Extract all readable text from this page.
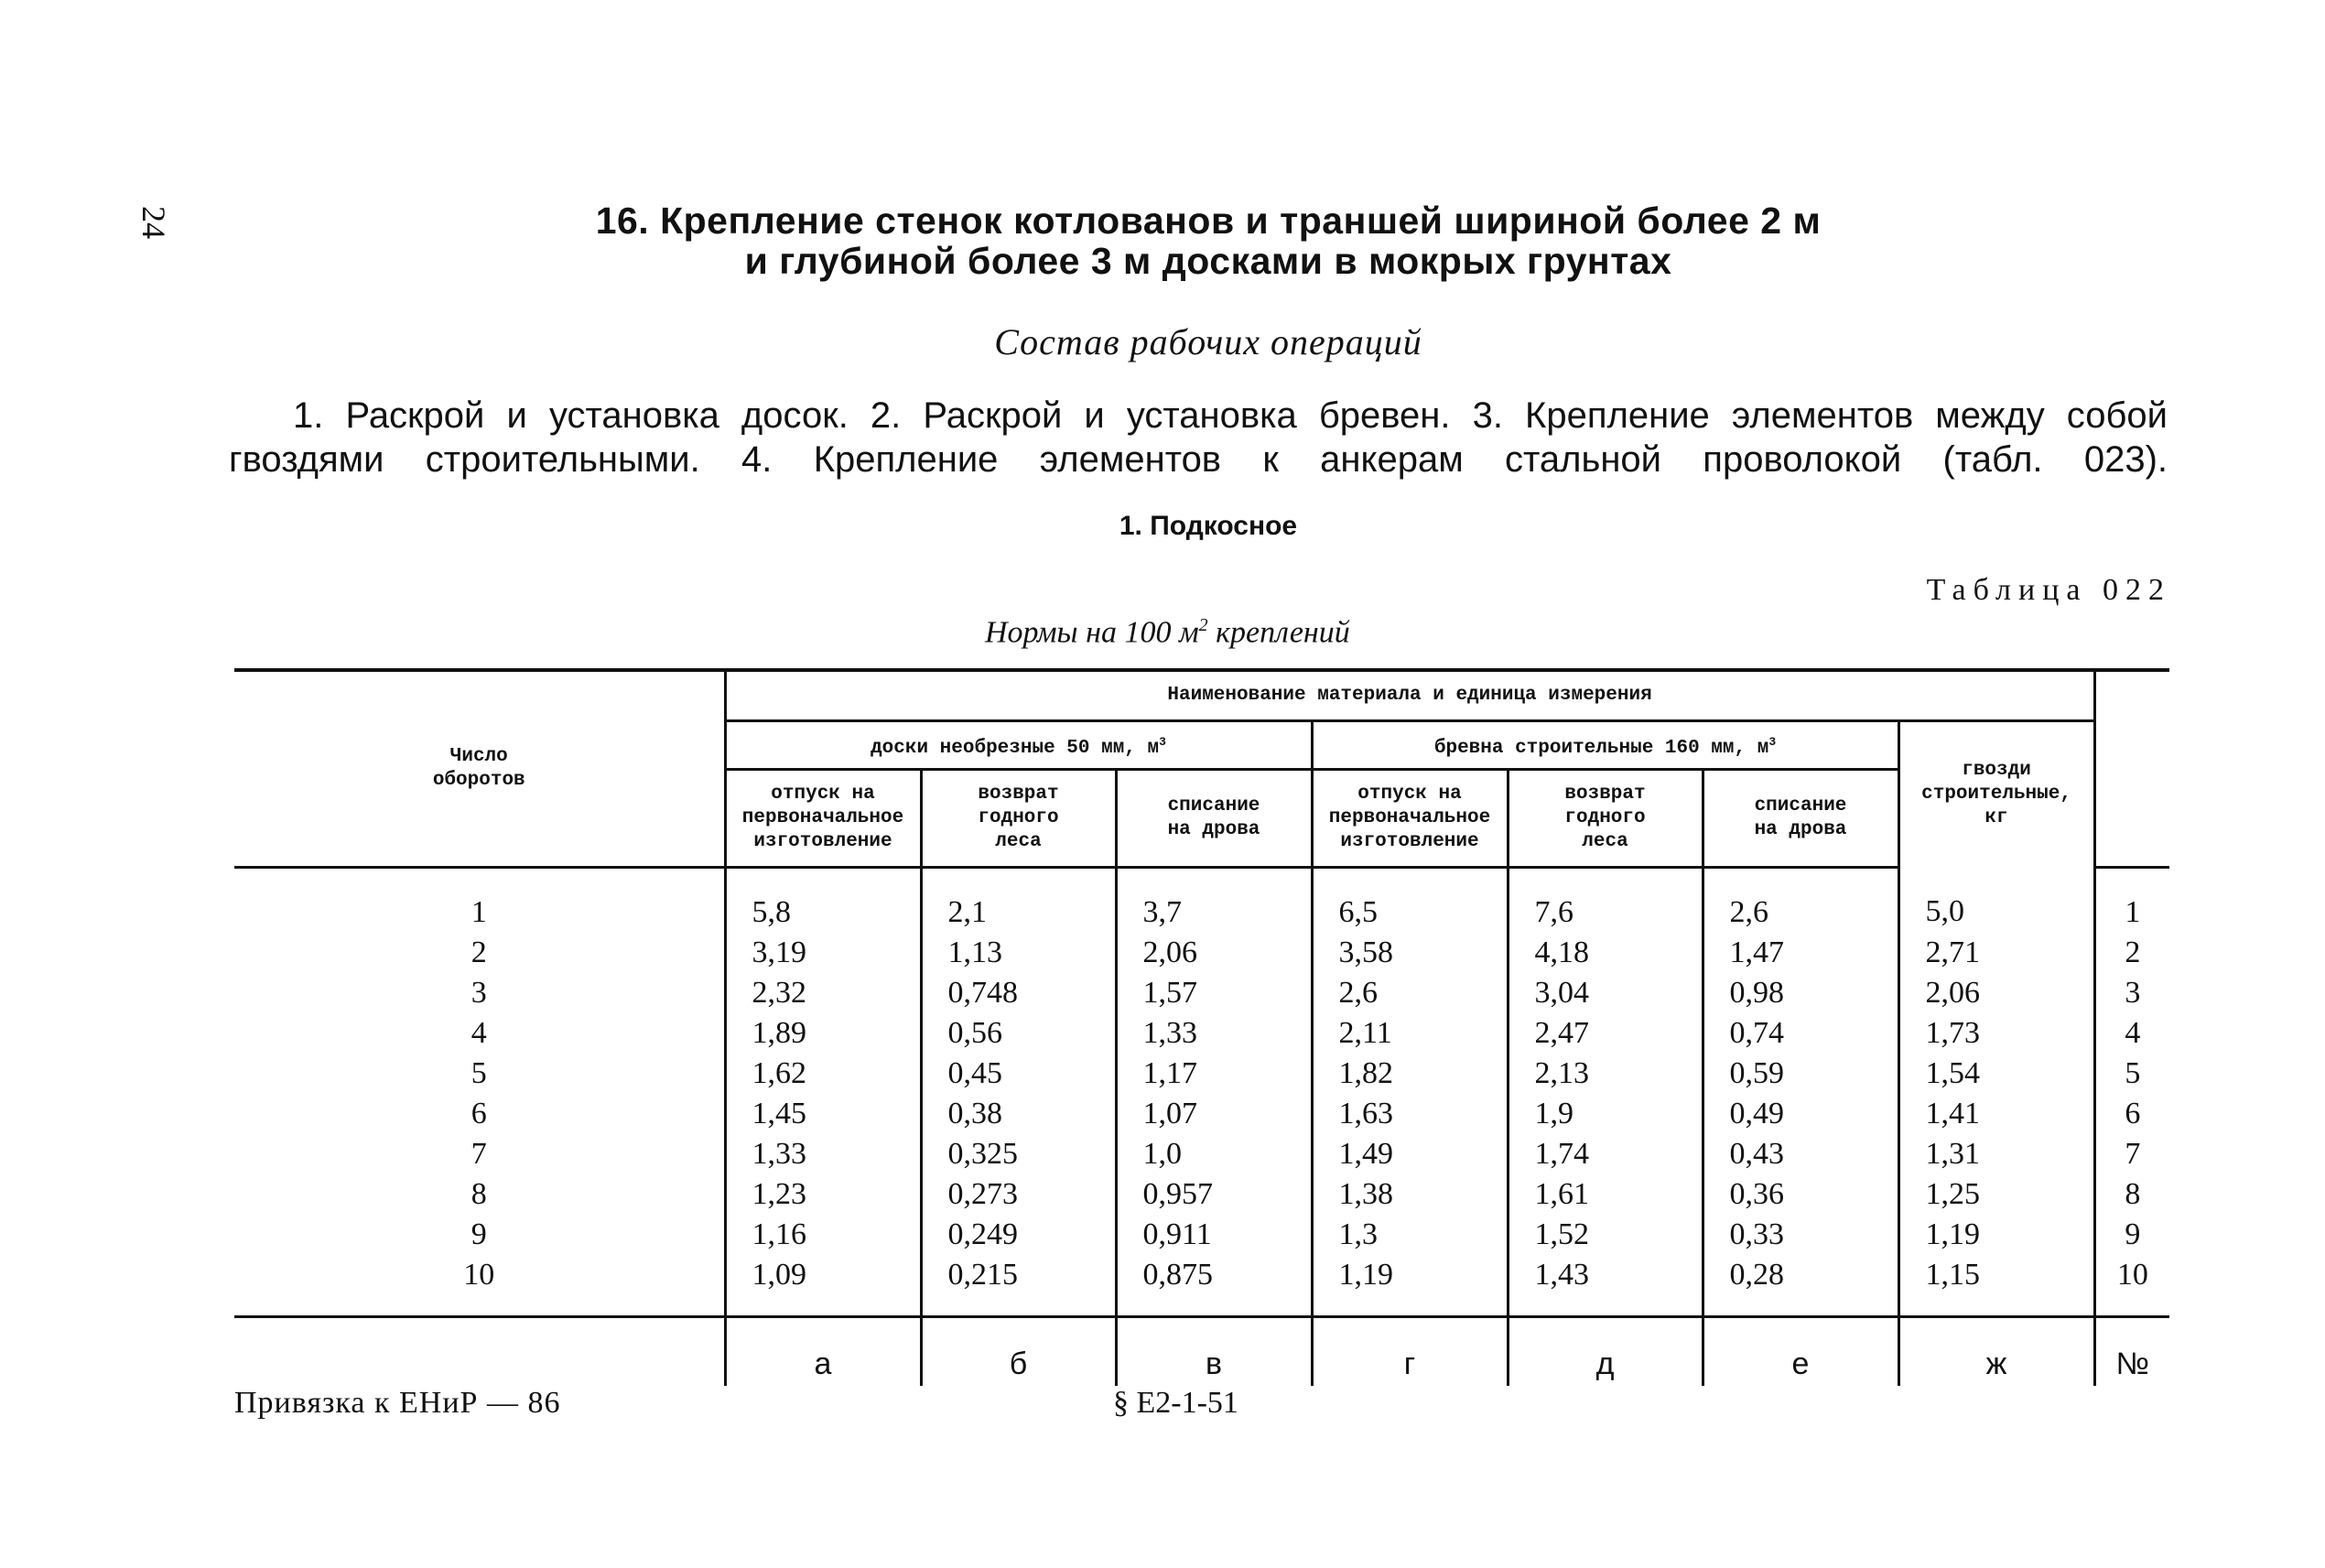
24	16. Крепление стенок котлованов и траншей шириной более 2 м
и глубиной более 3 м досками в мокрых грунтах
Состав рабочих операций
1. Раскрой и установка досок. 2. Раскрой и установка бревен. 3. Крепление элементов между собой
гвоздями строительными. 4. Крепление элементов к анкерам стальной проволокой (табл. 023).
1. Подкосное
Таблица 022
Нормы на 100 $м^2$ креплений
Число оборотов	Наименование материала и единица измерения							
	доски необрезные 50 мм, $м^3$			бревна строительные 160 мм, $м^3$			гвозди строительные, кг	
	отпуск на первоначальное изготовление	возврат годного леса	списание на дрова	отпуск на первоначальное изготовление	возврат годного леса	списание на дрова		
1	5,8	2,1	3,7	6,5	7,6	2,6	5,0	1
2	3,19	1,13	2,06	3,58	4,18	1,47	2,71	2
3	2,32	0,748	1,57	2,6	3,04	0,98	2,06	3
4	1,89	0,56	1,33	2,11	2,47	0,74	1,73	4
5	1,62	0,45	1,17	1,82	2,13	0,59	1,54	5
6	1,45	0,38	1,07	1,63	1,9	0,49	1,41	6
7	1,33	0,325	1,0	1,49	1,74	0,43	1,31	7
8	1,23	0,273	0,957	1,38	1,61	0,36	1,25	8
9	1,16	0,249	0,911	1,3	1,52	0,33	1,19	9
10	1,09	0,215	0,875	1,19	1,43	0,28	1,15	10
	а	б	в	г	д	е	ж	№
Привязка к ЕНиР — 86	§ Е2-1-51
